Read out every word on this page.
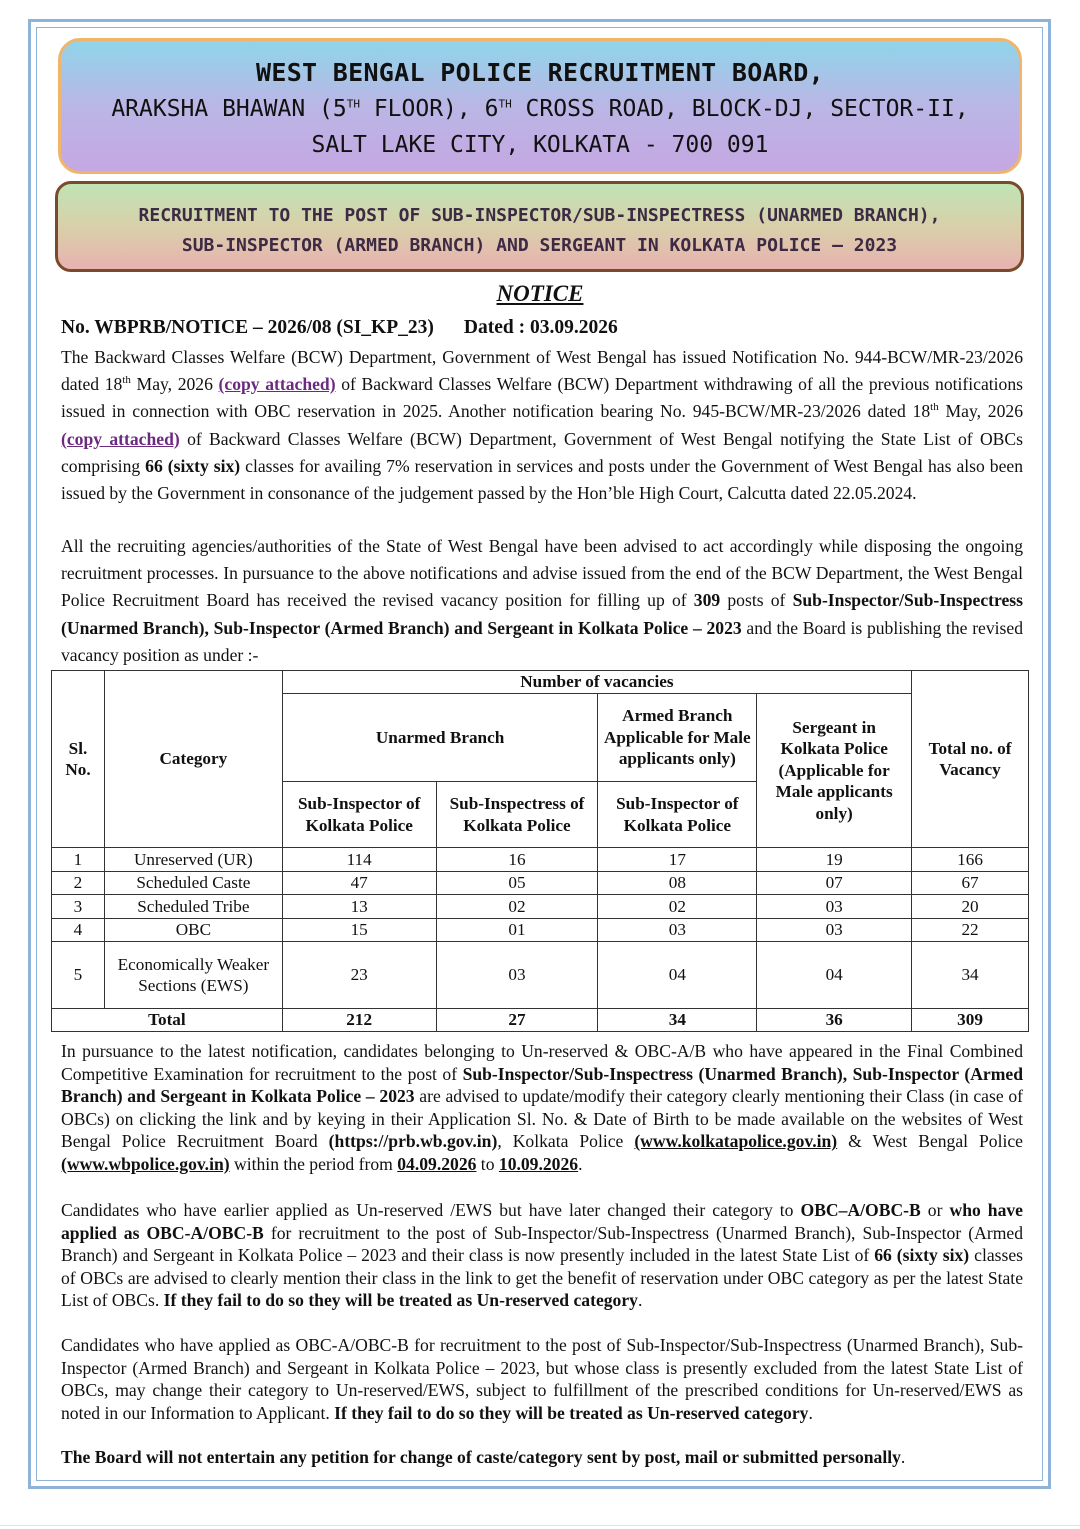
WEST BENGAL POLICE RECRUITMENT BOARD,
ARAKSHA BHAWAN (5TH FLOOR), 6TH CROSS ROAD, BLOCK-DJ, SECTOR-II,
SALT LAKE CITY, KOLKATA - 700 091
RECRUITMENT TO THE POST OF SUB-INSPECTOR/SUB-INSPECTRESS (UNARMED BRANCH),
SUB-INSPECTOR (ARMED BRANCH) AND SERGEANT IN KOLKATA POLICE – 2023
NOTICE
No. WBPRB/NOTICE – 2026/08 (SI_KP_23) Dated : 03.09.2026
The Backward Classes Welfare (BCW) Department, Government of West Bengal has issued Notification No. 944-BCW/MR-23/2026 dated 18th May, 2026 (copy attached) of Backward Classes Welfare (BCW) Department withdrawing of all the previous notifications issued in connection with OBC reservation in 2025. Another notification bearing No. 945-BCW/MR-23/2026 dated 18th May, 2026 (copy attached) of Backward Classes Welfare (BCW) Department, Government of West Bengal notifying the State List of OBCs comprising 66 (sixty six) classes for availing 7% reservation in services and posts under the Government of West Bengal has also been issued by the Government in consonance of the judgement passed by the Hon’ble High Court, Calcutta dated 22.05.2024.
All the recruiting agencies/authorities of the State of West Bengal have been advised to act accordingly while disposing the ongoing recruitment processes. In pursuance to the above notifications and advise issued from the end of the BCW Department, the West Bengal Police Recruitment Board has received the revised vacancy position for filling up of 309 posts of Sub-Inspector/Sub-Inspectress (Unarmed Branch), Sub-Inspector (Armed Branch) and Sergeant in Kolkata Police – 2023 and the Board is publishing the revised vacancy position as under :-
Sl. No.	Category	Number of vacancies				Total no. of Vacancy
		Unarmed Branch		Armed Branch Applicable for Male applicants only)	Sergeant in Kolkata Police (Applicable for Male applicants only)	
		Sub-Inspector of Kolkata Police	Sub-Inspectress of Kolkata Police	Sub-Inspector of Kolkata Police		
1	Unreserved (UR)	114	16	17	19	166
2	Scheduled Caste	47	05	08	07	67
3	Scheduled Tribe	13	02	02	03	20
4	OBC	15	01	03	03	22
5	Economically Weaker Sections (EWS)	23	03	04	04	34
Total		212	27	34	36	309
In pursuance to the latest notification, candidates belonging to Un-reserved & OBC-A/B who have appeared in the Final Combined Competitive Examination for recruitment to the post of Sub-Inspector/Sub-Inspectress (Unarmed Branch), Sub-Inspector (Armed Branch) and Sergeant in Kolkata Police – 2023 are advised to update/modify their category clearly mentioning their Class (in case of OBCs) on clicking the link and by keying in their Application Sl. No. & Date of Birth to be made available on the websites of West Bengal Police Recruitment Board (https://prb.wb.gov.in), Kolkata Police (www.kolkatapolice.gov.in) & West Bengal Police (www.wbpolice.gov.in) within the period from 04.09.2026 to 10.09.2026.
Candidates who have earlier applied as Un-reserved /EWS but have later changed their category to OBC–A/OBC-B or who have applied as OBC-A/OBC-B for recruitment to the post of Sub-Inspector/Sub-Inspectress (Unarmed Branch), Sub-Inspector (Armed Branch) and Sergeant in Kolkata Police – 2023 and their class is now presently included in the latest State List of 66 (sixty six) classes of OBCs are advised to clearly mention their class in the link to get the benefit of reservation under OBC category as per the latest State List of OBCs. If they fail to do so they will be treated as Un-reserved category.
Candidates who have applied as OBC-A/OBC-B for recruitment to the post of Sub-Inspector/Sub-Inspectress (Unarmed Branch), Sub-Inspector (Armed Branch) and Sergeant in Kolkata Police – 2023, but whose class is presently excluded from the latest State List of OBCs, may change their category to Un-reserved/EWS, subject to fulfillment of the prescribed conditions for Un-reserved/EWS as noted in our Information to Applicant. If they fail to do so they will be treated as Un-reserved category.
The Board will not entertain any petition for change of caste/category sent by post, mail or submitted personally.
